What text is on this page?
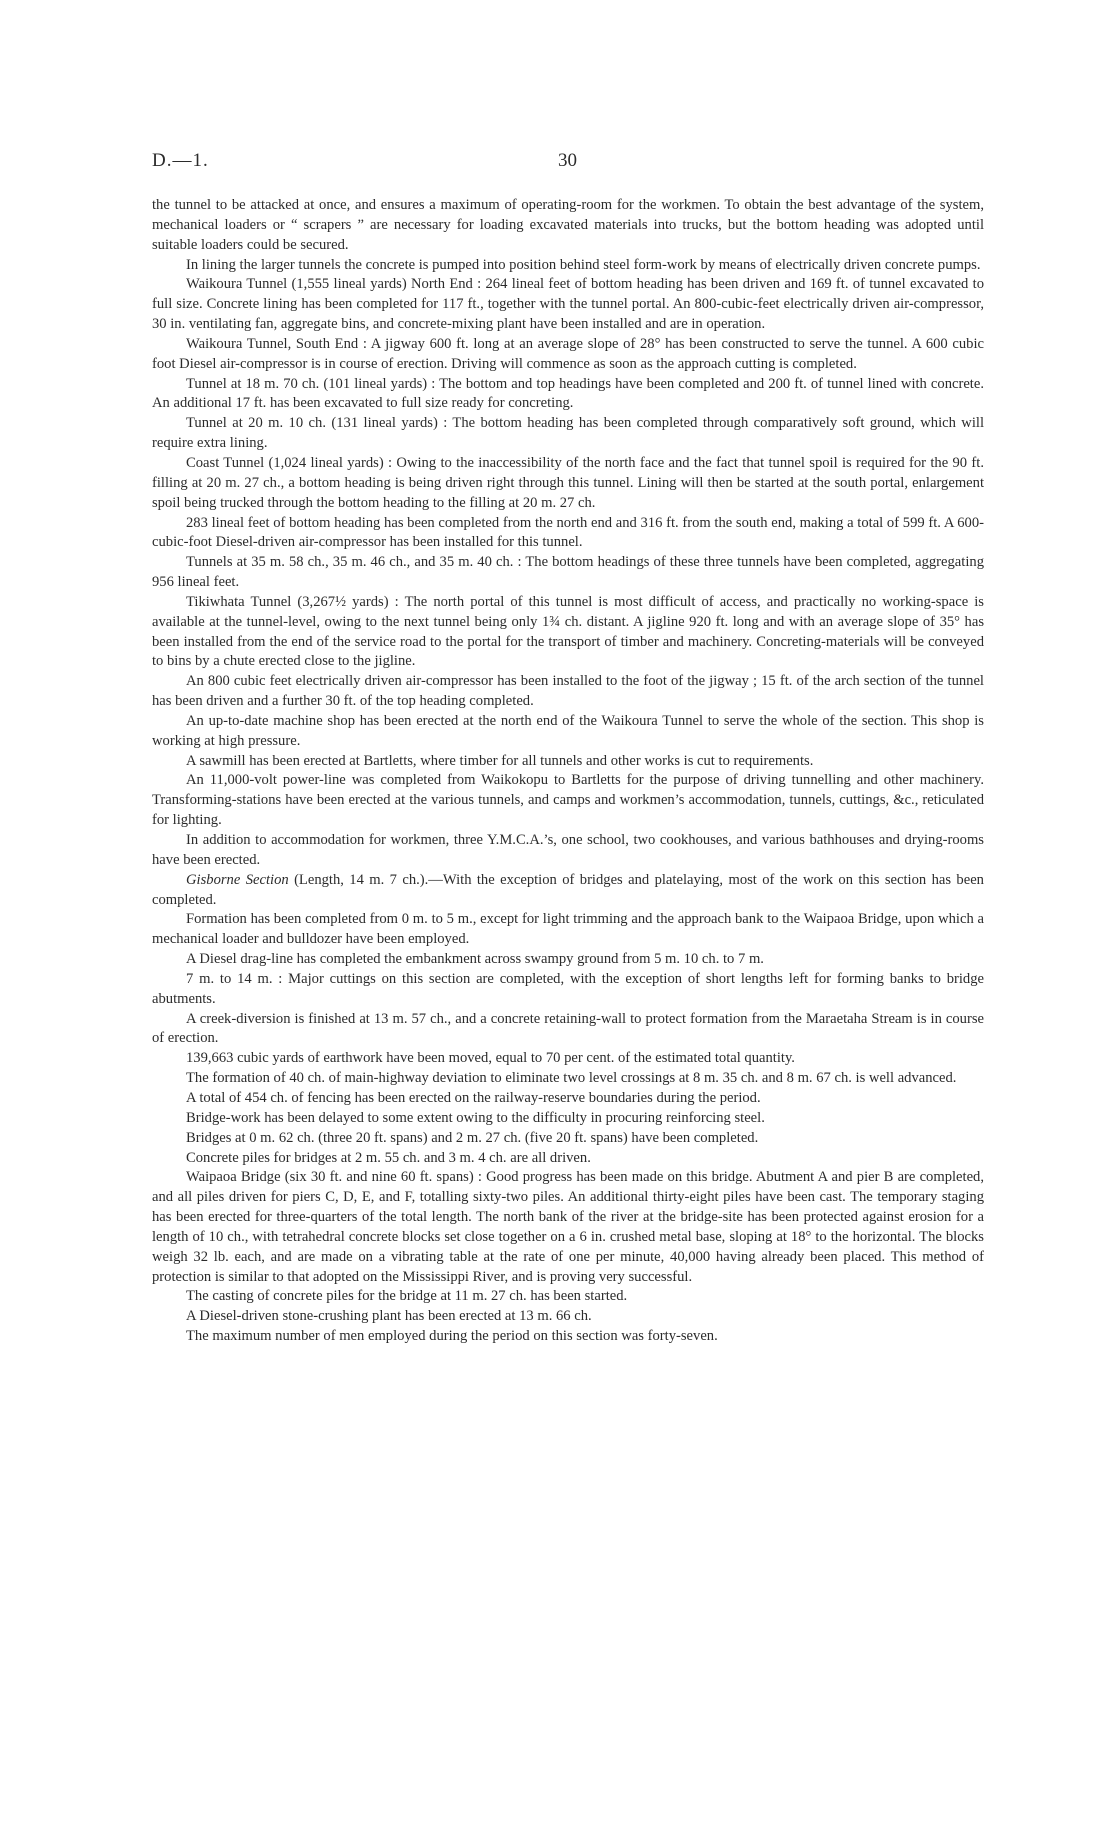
D.—1.	30

the tunnel to be attacked at once, and ensures a maximum of operating-room for the workmen. To obtain the best advantage of the system, mechanical loaders or “ scrapers ” are necessary for loading excavated materials into trucks, but the bottom heading was adopted until suitable loaders could be secured.

In lining the larger tunnels the concrete is pumped into position behind steel form-work by means of electrically driven concrete pumps.

Waikoura Tunnel (1,555 lineal yards) North End : 264 lineal feet of bottom heading has been driven and 169 ft. of tunnel excavated to full size. Concrete lining has been completed for 117 ft., together with the tunnel portal. An 800-cubic-feet electrically driven air-compressor, 30 in. ventilating fan, aggregate bins, and concrete-mixing plant have been installed and are in operation.

Waikoura Tunnel, South End : A jigway 600 ft. long at an average slope of 28° has been constructed to serve the tunnel. A 600 cubic foot Diesel air-compressor is in course of erection. Driving will commence as soon as the approach cutting is completed.

Tunnel at 18 m. 70 ch. (101 lineal yards) : The bottom and top headings have been completed and 200 ft. of tunnel lined with concrete. An additional 17 ft. has been excavated to full size ready for concreting.

Tunnel at 20 m. 10 ch. (131 lineal yards) : The bottom heading has been completed through comparatively soft ground, which will require extra lining.

Coast Tunnel (1,024 lineal yards) : Owing to the inaccessibility of the north face and the fact that tunnel spoil is required for the 90 ft. filling at 20 m. 27 ch., a bottom heading is being driven right through this tunnel. Lining will then be started at the south portal, enlargement spoil being trucked through the bottom heading to the filling at 20 m. 27 ch.

283 lineal feet of bottom heading has been completed from the north end and 316 ft. from the south end, making a total of 599 ft. A 600-cubic-foot Diesel-driven air-compressor has been installed for this tunnel.

Tunnels at 35 m. 58 ch., 35 m. 46 ch., and 35 m. 40 ch. : The bottom headings of these three tunnels have been completed, aggregating 956 lineal feet.

Tikiwhata Tunnel (3,267½ yards) : The north portal of this tunnel is most difficult of access, and practically no working-space is available at the tunnel-level, owing to the next tunnel being only 1¾ ch. distant. A jigline 920 ft. long and with an average slope of 35° has been installed from the end of the service road to the portal for the transport of timber and machinery. Concreting-materials will be conveyed to bins by a chute erected close to the jigline.

An 800 cubic feet electrically driven air-compressor has been installed to the foot of the jigway ; 15 ft. of the arch section of the tunnel has been driven and a further 30 ft. of the top heading completed.

An up-to-date machine shop has been erected at the north end of the Waikoura Tunnel to serve the whole of the section. This shop is working at high pressure.

A sawmill has been erected at Bartletts, where timber for all tunnels and other works is cut to requirements.

An 11,000-volt power-line was completed from Waikokopu to Bartletts for the purpose of driving tunnelling and other machinery. Transforming-stations have been erected at the various tunnels, and camps and workmen’s accommodation, tunnels, cuttings, &c., reticulated for lighting.

In addition to accommodation for workmen, three Y.M.C.A.’s, one school, two cookhouses, and various bathhouses and drying-rooms have been erected.

Gisborne Section (Length, 14 m. 7 ch.).—With the exception of bridges and platelaying, most of the work on this section has been completed.

Formation has been completed from 0 m. to 5 m., except for light trimming and the approach bank to the Waipaoa Bridge, upon which a mechanical loader and bulldozer have been employed.

A Diesel drag-line has completed the embankment across swampy ground from 5 m. 10 ch. to 7 m.

7 m. to 14 m. : Major cuttings on this section are completed, with the exception of short lengths left for forming banks to bridge abutments.

A creek-diversion is finished at 13 m. 57 ch., and a concrete retaining-wall to protect formation from the Maraetaha Stream is in course of erection.

139,663 cubic yards of earthwork have been moved, equal to 70 per cent. of the estimated total quantity.

The formation of 40 ch. of main-highway deviation to eliminate two level crossings at 8 m. 35 ch. and 8 m. 67 ch. is well advanced.

A total of 454 ch. of fencing has been erected on the railway-reserve boundaries during the period.

Bridge-work has been delayed to some extent owing to the difficulty in procuring reinforcing steel.

Bridges at 0 m. 62 ch. (three 20 ft. spans) and 2 m. 27 ch. (five 20 ft. spans) have been completed.

Concrete piles for bridges at 2 m. 55 ch. and 3 m. 4 ch. are all driven.

Waipaoa Bridge (six 30 ft. and nine 60 ft. spans) : Good progress has been made on this bridge. Abutment A and pier B are completed, and all piles driven for piers C, D, E, and F, totalling sixty-two piles. An additional thirty-eight piles have been cast. The temporary staging has been erected for three-quarters of the total length. The north bank of the river at the bridge-site has been protected against erosion for a length of 10 ch., with tetrahedral concrete blocks set close together on a 6 in. crushed metal base, sloping at 18° to the horizontal. The blocks weigh 32 lb. each, and are made on a vibrating table at the rate of one per minute, 40,000 having already been placed. This method of protection is similar to that adopted on the Mississippi River, and is proving very successful.

The casting of concrete piles for the bridge at 11 m. 27 ch. has been started.

A Diesel-driven stone-crushing plant has been erected at 13 m. 66 ch.

The maximum number of men employed during the period on this section was forty-seven.
